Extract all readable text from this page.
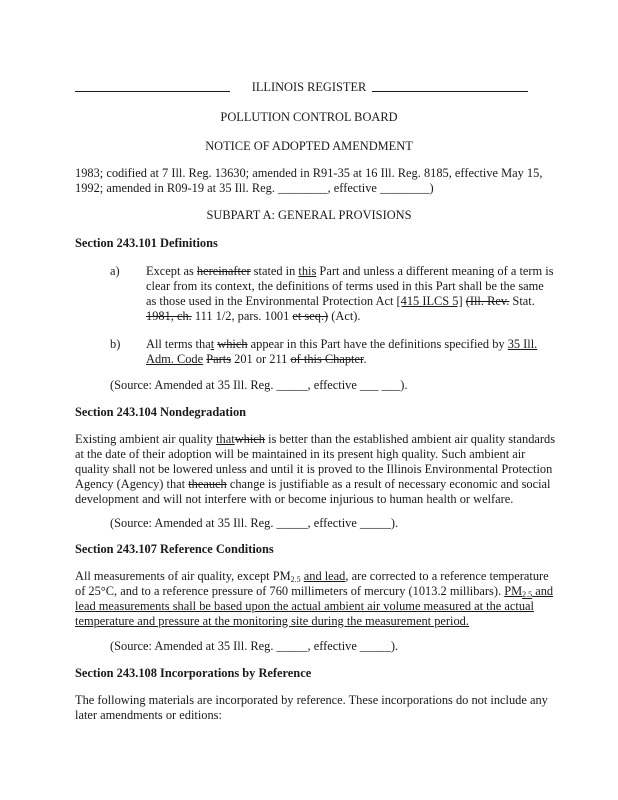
ILLINOIS REGISTER
POLLUTION CONTROL BOARD
NOTICE OF ADOPTED AMENDMENT
1983; codified at 7 Ill. Reg. 13630; amended in R91-35 at 16 Ill. Reg. 8185, effective May 15,
1992; amended in R09-19 at 35 Ill. Reg. ________, effective ________)
SUBPART A: GENERAL PROVISIONS
Section 243.101 Definitions
a) Except as hereinafter stated in this Part and unless a different meaning of a term is
clear from its context, the definitions of terms used in this Part shall be the same
as those used in the Environmental Protection Act [415 ILCS 5] (Ill. Rev. Stat.
1981, ch. 111 1/2, pars. 1001 et seq.) (Act).
b) All terms that which appear in this Part have the definitions specified by 35 Ill.
Adm. Code Parts 201 or 211 of this Chapter.
(Source: Amended at 35 Ill. Reg. _____, effective ___ ___).
Section 243.104 Nondegradation
Existing ambient air quality thatwhich is better than the established ambient air quality standards
at the date of their adoption will be maintained in its present high quality. Such ambient air
quality shall not be lowered unless and until it is proved to the Illinois Environmental Protection
Agency (Agency) that theauch change is justifiable as a result of necessary economic and social
development and will not interfere with or become injurious to human health or welfare.
(Source: Amended at 35 Ill. Reg. _____, effective _____).
Section 243.107 Reference Conditions
All measurements of air quality, except $PM_{2.5}$ and lead, are corrected to a reference temperature
of 25°C, and to a reference pressure of 760 millimeters of mercury (1013.2 millibars). $PM_{2.5}$ and
lead measurements shall be based upon the actual ambient air volume measured at the actual
temperature and pressure at the monitoring site during the measurement period.
(Source: Amended at 35 Ill. Reg. _____, effective _____).
Section 243.108 Incorporations by Reference
The following materials are incorporated by reference. These incorporations do not include any
later amendments or editions:
